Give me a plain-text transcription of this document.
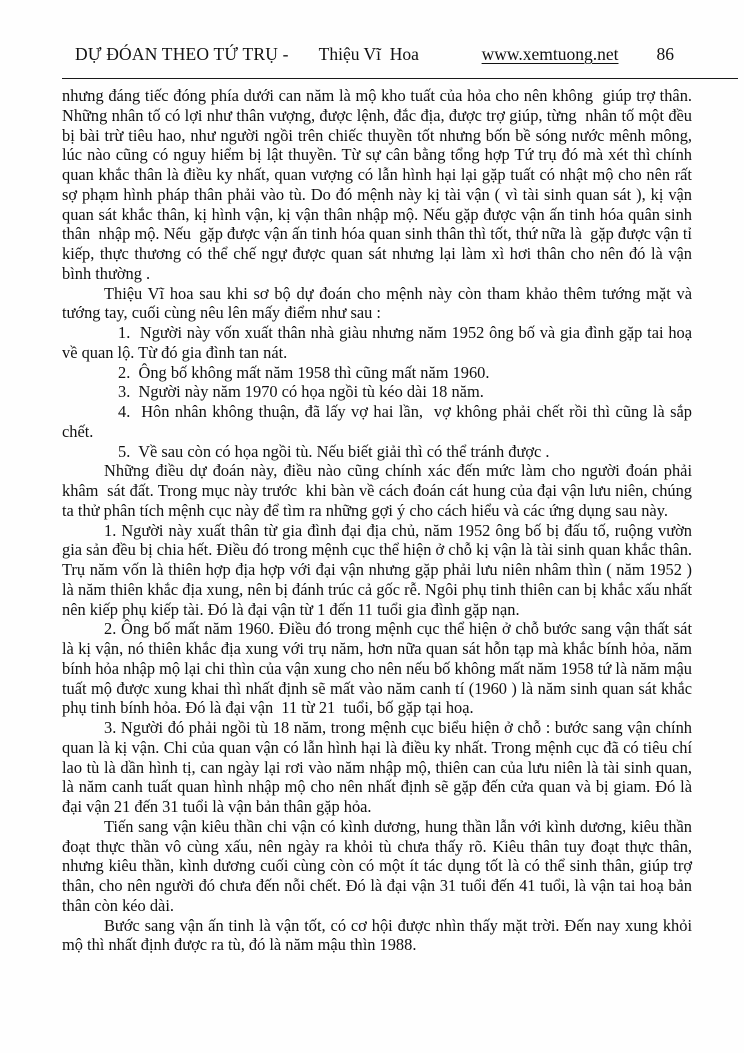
DỰ ĐÓAN THEO TỨ TRỤ - Thiệu Vĩ  Hoa	www.xemtuong.net 86

nhưng đáng tiếc đóng phía dưới can năm là mộ kho tuất của hỏa cho nên không  giúp trợ thân. Những nhân tố có lợi như thân vượng, được lệnh, đắc địa, được trợ giúp, từng  nhân tố một đều bị bài trừ tiêu hao, như người ngồi trên chiếc thuyền tốt nhưng bốn bề sóng nước mênh mông, lúc nào cũng có nguy hiểm bị lật thuyền. Từ sự cân bằng tổng hợp Tứ trụ đó mà xét thì chính quan khắc thân là điều ky nhất, quan vượng có lẫn hình hại lại gặp tuất có nhật mộ cho nên rất sợ phạm hình pháp thân phải vào tù. Do đó mệnh này kị tài vận ( vì tài sinh quan sát ), kị vận quan sát khắc thân, kị hình vận, kị vận thân nhập mộ. Nếu gặp được vận ấn tinh hóa quân sinh thân  nhập mộ. Nếu  gặp được vận ấn tinh hóa quan sinh thân thì tốt, thứ nữa là  gặp được vận tỉ kiếp, thực thương có thể chế ngự được quan sát nhưng lại làm xì hơi thân cho nên đó là vận bình thường .

Thiệu Vĩ hoa sau khi sơ bộ dự đoán cho mệnh này còn tham khảo thêm tướng mặt và tướng tay, cuối cùng nêu lên mấy điểm như sau :

1.  Người này vốn xuất thân nhà giàu nhưng năm 1952 ông bố và gia đình gặp tai hoạ về quan lộ. Từ đó gia đình tan nát.

2.  Ông bố không mất năm 1958 thì cũng mất năm 1960.

3.  Người này năm 1970 có họa ngồi tù kéo dài 18 năm.

4.  Hôn nhân không thuận, đã lấy vợ hai lần,  vợ không phải chết rồi thì cũng là sắp chết.

5.  Về sau còn có họa ngồi tù. Nếu biết giải thì có thể tránh được .

Những điều dự đoán này, điều nào cũng chính xác đến mức làm cho người đoán phải khâm  sát đất. Trong mục này trước  khi bàn về cách đoán cát hung của đại vận lưu niên, chúng ta thử phân tích mệnh cục này để tìm ra những gợi ý cho cách hiểu và các ứng dụng sau này.

1. Người này xuất thân từ gia đình đại địa chủ, năm 1952 ông bố bị đấu tố, ruộng vườn gia sản đều bị chia hết. Điều đó trong mệnh cục thể hiện ở chỗ kị vận là tài sinh quan khắc thân. Trụ năm vốn là thiên hợp địa hợp với đại vận nhưng gặp phải lưu niên nhâm thìn ( năm 1952 ) là năm thiên khắc địa xung, nên bị đánh trúc cả gốc rễ. Ngôi phụ tinh thiên can bị khắc xấu nhất nên kiếp phụ kiếp tài. Đó là đại vận từ 1 đến 11 tuổi gia đình gặp nạn.

2. Ông bố mất năm 1960. Điều đó trong mệnh cục thể hiện ở chỗ bước sang vận thất sát là kị vận, nó thiên khắc địa xung với trụ năm, hơn nữa quan sát hỗn tạp mà khắc bính hỏa, năm bính hỏa nhập mộ lại chi thìn của vận xung cho nên nếu bố không mất năm 1958 tứ là năm mậu tuất mộ được xung khai thì nhất định sẽ mất vào năm canh tí (1960 ) là năm sinh quan sát khắc phụ tinh bính hỏa. Đó là đại vận  11 từ 21  tuổi, bố gặp tại hoạ.

3. Người đó phải ngồi tù 18 năm, trong mệnh cục biểu hiện ở chỗ : bước sang vận chính quan là kị vận. Chi của quan vận có lẫn hình hại là điều ky nhất. Trong mệnh cục đã có tiêu chí lao tù là dần hình tị, can ngày lại rơi vào năm nhập mộ, thiên can của lưu niên là tài sinh quan, là năm canh tuất quan hình nhập mộ cho nên nhất định sẽ gặp đến cửa quan và bị giam. Đó là đại vận 21 đến 31 tuổi là vận bản thân gặp hỏa.

Tiến sang vận kiêu thần chi vận có kình dương, hung thần lẫn với kình dương, kiêu thần đoạt thực thần vô cùng xấu, nên ngày ra khỏi tù chưa thấy rõ. Kiêu thân tuy đoạt thực thân, nhưng kiêu thần, kình dương cuối cùng còn có một ít tác dụng tốt là có thể sinh thân, giúp trợ thân, cho nên người đó chưa đến nỗi chết. Đó là đại vận 31 tuổi đến 41 tuổi, là vận tai hoạ bản thân còn kéo dài.

Bước sang vận ấn tinh là vận tốt, có cơ hội được nhìn thấy mặt trời. Đến nay xung khỏi mộ thì nhất định được ra tù, đó là năm mậu thìn 1988.
